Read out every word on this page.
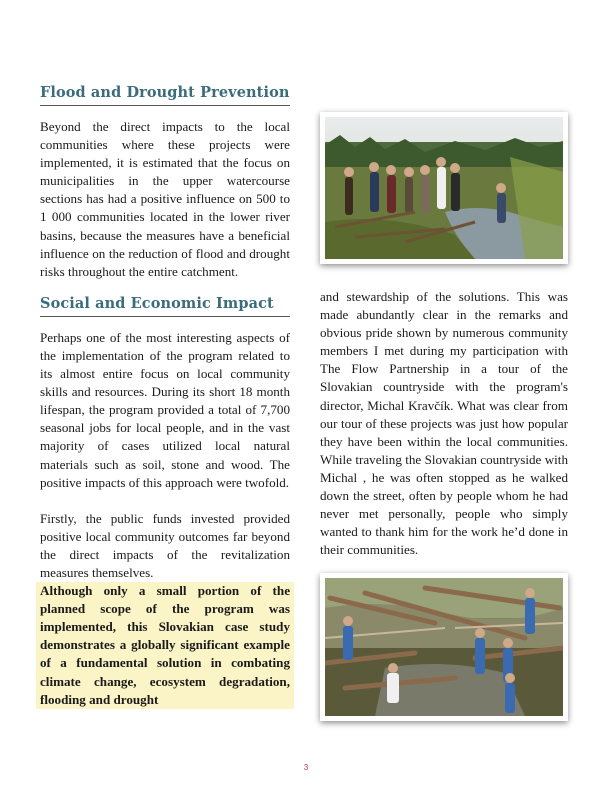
Flood and Drought Prevention

Beyond the direct impacts to the local communities where these projects were implemented, it is estimated that the focus on municipalities in the upper watercourse sections has had a positive influence on 500 to 1 000 communities located in the lower river basins, because the measures have a beneficial influence on the reduction of flood and drought risks throughout the entire catchment.

Social and Economic Impact

Perhaps one of the most interesting aspects of the implementation of the program related to its almost entire focus on local community skills and resources. During its short 18 month lifespan, the program provided a total of 7,700 seasonal jobs for local people, and in the vast majority of cases utilized local natural materials such as soil, stone and wood. The positive impacts of this approach were twofold.

Firstly, the public funds invested provided positive local community outcomes far beyond the direct impacts of the revitalization measures themselves.
Although only a small portion of the planned scope of the program was implemented, this Slovakian case study demonstrates a globally significant example of a fundamental solution in combating climate change, ecosystem degradation, flooding and drought

and stewardship of the solutions. This was made abundantly clear in the remarks and obvious pride shown by numerous community members I met during my participation with The Flow Partnership in a tour of the Slovakian countryside with the program's director, Michal Kravčík. What was clear from our tour of these projects was just how popular they have been within the local communities. While traveling the Slovakian countryside with Michal , he was often stopped as he walked down the street, often by people whom he had never met personally, people who simply wanted to thank him for the work he’d done in their communities.

3
